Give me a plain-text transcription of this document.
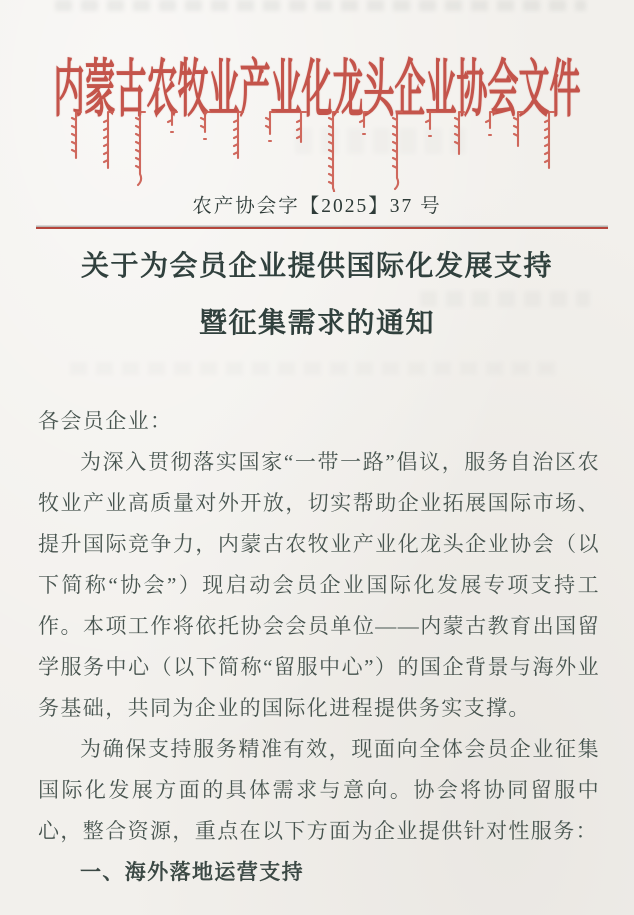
内蒙古农牧业产业化龙头企业协会文件
农产协会字【2025】37 号
关于为会员企业提供国际化发展支持
暨征集需求的通知

各会员企业：

为深入贯彻落实国家“一带一路”倡议，服务自治区农牧业产业高质量对外开放，切实帮助企业拓展国际市场、提升国际竞争力，内蒙古农牧业产业化龙头企业协会（以下简称“协会”）现启动会员企业国际化发展专项支持工作。本项工作将依托协会会员单位——内蒙古教育出国留学服务中心（以下简称“留服中心”）的国企背景与海外业务基础，共同为企业的国际化进程提供务实支撑。

为确保支持服务精准有效，现面向全体会员企业征集国际化发展方面的具体需求与意向。协会将协同留服中心，整合资源，重点在以下方面为企业提供针对性服务：

一、海外落地运营支持
